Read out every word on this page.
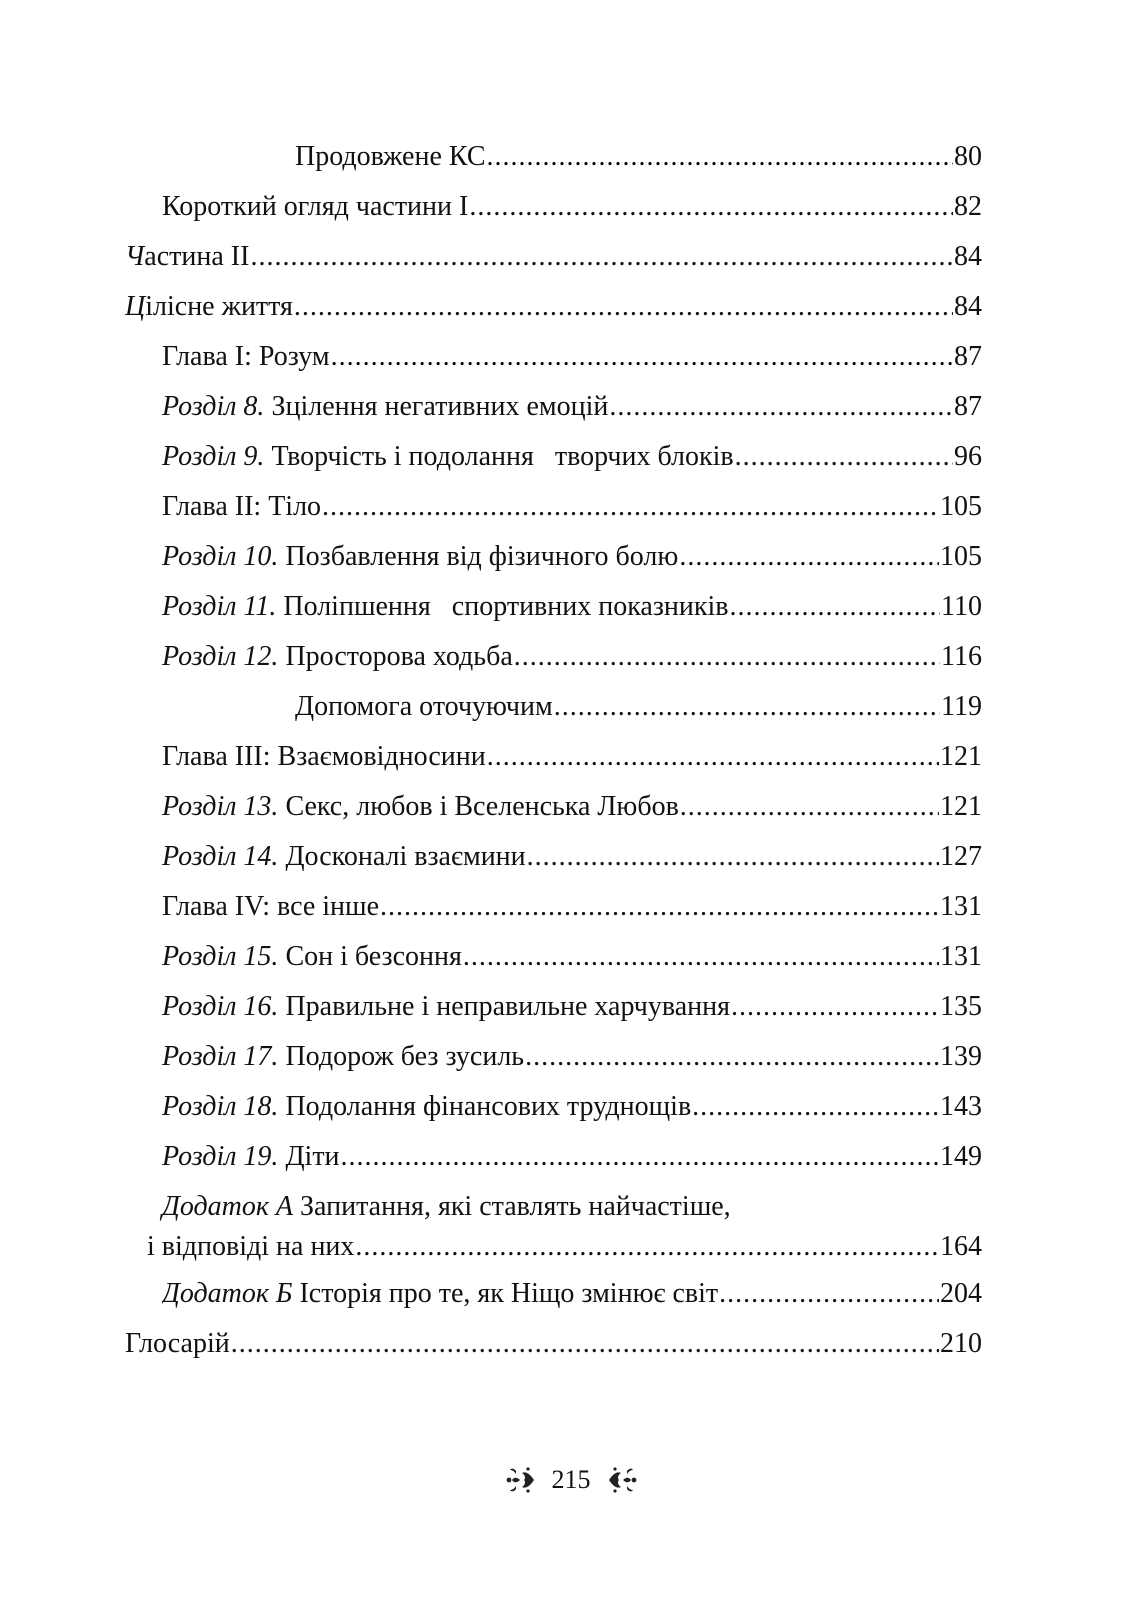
Продовжене КС .....	80
Короткий огляд частини І .....	82
Частина ІІ .....	84
Цілісне життя .....	84
Глава І: Розум .....	87
Розділ 8. Зцілення негативних емоцій .....	87
Розділ 9. Творчість і подолання   творчих блоків .....	96
Глава ІІ: Тіло .....	105
Розділ 10. Позбавлення від фізичного болю .....	105
Розділ 11. Поліпшення   спортивних показників .....	110
Розділ 12. Просторова ходьба .....	116
Допомога оточуючим .....	119
Глава ІІІ: Взаємовідносини .....	121
Розділ 13. Секс, любов і Вселенська Любов .....	121
Розділ 14. Досконалі взаємини .....	127
Глава ІV: все інше .....	131
Розділ 15. Сон і безсоння .....	131
Розділ 16. Правильне і неправильне харчування .....	135
Розділ 17. Подорож без зусиль .....	139
Розділ 18. Подолання фінансових труднощів .....	143
Розділ 19. Діти .....	149
Додаток А Запитання, які ставлять найчастіше,
і відповіді на них .....	164
Додаток Б Історія про те, як Ніщо змінює світ .....	204
Глосарій .....	210
215
